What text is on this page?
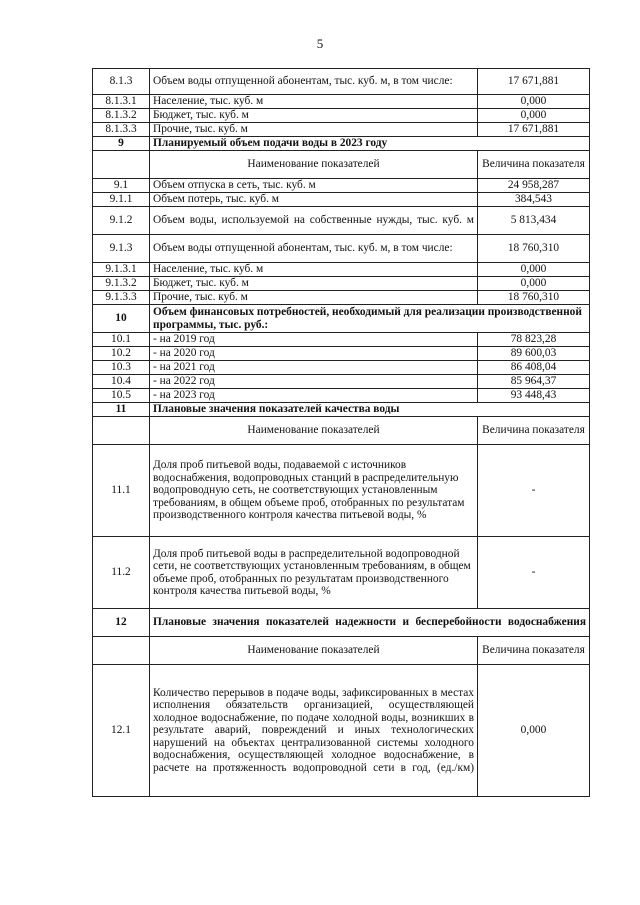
5
8.1.3	Объем воды отпущенной абонентам, тыс. куб. м, в том числе:	17 671,881
8.1.3.1	Население, тыс. куб. м	0,000
8.1.3.2	Бюджет, тыс. куб. м	0,000
8.1.3.3	Прочие, тыс. куб. м	17 671,881
9	Планируемый объем подачи воды в 2023 году	
	Наименование показателей	Величина показателя
9.1	Объем отпуска в сеть, тыс. куб. м	24 958,287
9.1.1	Объем потерь, тыс. куб. м	384,543
9.1.2	Объем воды, используемой на собственные нужды, тыс. куб. м	5 813,434
9.1.3	Объем воды отпущенной абонентам, тыс. куб. м, в том числе:	18 760,310
9.1.3.1	Население, тыс. куб. м	0,000
9.1.3.2	Бюджет, тыс. куб. м	0,000
9.1.3.3	Прочие, тыс. куб. м	18 760,310
10	Объем финансовых потребностей, необходимый для реализации производственной программы, тыс. руб.:	
10.1	- на 2019 год	78 823,28
10.2	- на 2020 год	89 600,03
10.3	- на 2021 год	86 408,04
10.4	- на 2022 год	85 964,37
10.5	- на 2023 год	93 448,43
11	Плановые значения показателей качества воды	
	Наименование показателей	Величина показателя
11.1	Доля проб питьевой воды, подаваемой с источников водоснабжения, водопроводных станций в распределительную водопроводную сеть, не соответствующих установленным требованиям, в общем объеме проб, отобранных по результатам производственного контроля качества питьевой воды, %	-
11.2	Доля проб питьевой воды в распределительной водопроводной сети, не соответствующих установленным требованиям, в общем объеме проб, отобранных по результатам производственного контроля качества питьевой воды, %	-
12	Плановые значения показателей надежности и бесперебойности водоснабжения	
	Наименование показателей	Величина показателя
12.1	Количество перерывов в подаче воды, зафиксированных в местах исполнения обязательств организацией, осуществляющей холодное водоснабжение, по подаче холодной воды, возникших в результате аварий, повреждений и иных технологических нарушений на объектах централизованной системы холодного водоснабжения, осуществляющей холодное водоснабжение, в расчете на протяженность водопроводной сети в год, (ед./км)	0,000
